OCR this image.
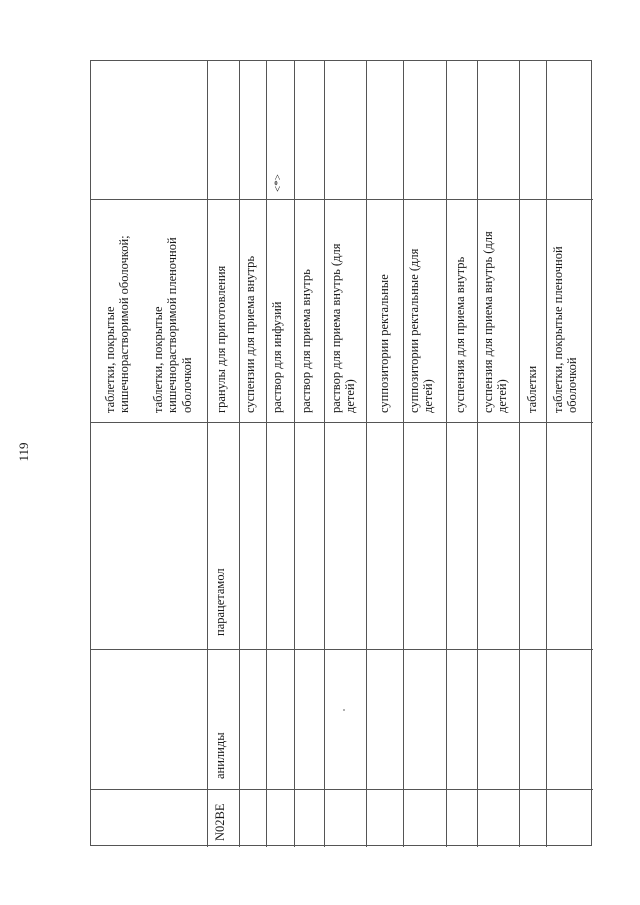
119
таблетки, покрытые кишечнорастворимой оболочкой; таблетки, покрытые кишечнорастворимой пленочной оболочкой
N02BE
анилиды
парацетамол
гранулы для приготовления суспензии для приема внутрь раствор для инфузий
<*>
раствор для приема внутрь раствор для приема внутрь (для детей) суппозитории ректальные суппозитории ректальные (для детей) суспензия для приема внутрь суспензия для приема внутрь (для детей) таблетки таблетки, покрытые пленочной оболочкой
